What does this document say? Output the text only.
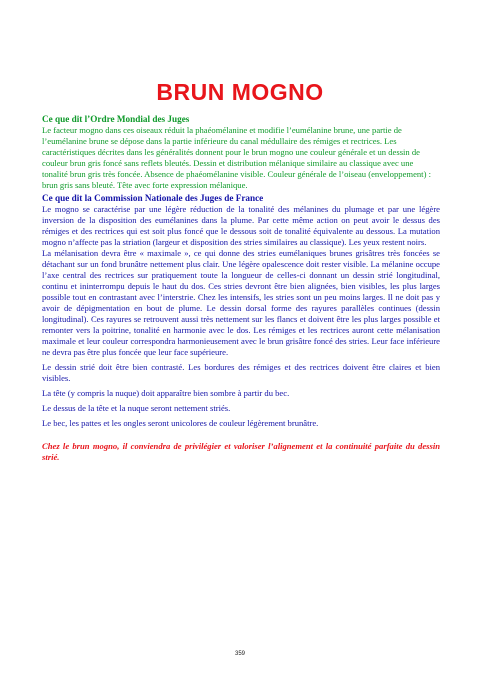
BRUN MOGNO
Ce que dit l’Ordre Mondial des Juges
Le facteur mogno dans ces oiseaux réduit la phaéomélanine et modifie l’eumélanine brune, une partie de l’eumélanine brune se dépose dans la partie inférieure du canal médullaire des rémiges et rectrices. Les caractéristiques décrites dans les généralités donnent pour le brun mogno une couleur générale et un dessin de couleur brun gris foncé sans reflets bleutés. Dessin et distribution mélanique similaire au classique avec une tonalité brun gris très foncée. Absence de phaéomélanine visible. Couleur générale de l’oiseau (enveloppement) : brun gris sans bleuté. Tête avec forte expression mélanique.
Ce que dit la Commission Nationale des Juges de France

Le mogno se caractérise par une légère réduction de la tonalité des mélanines du plumage et par une légère inversion de la disposition des eumélanines dans la plume. Par cette même action on peut avoir le dessus des rémiges et des rectrices qui est soit plus foncé que le dessous soit de tonalité équivalente au dessous. La mutation mogno n’affecte pas la striation (largeur et disposition des stries similaires au classique). Les yeux restent noirs.

La mélanisation devra être « maximale », ce qui donne des stries eumélaniques brunes grisâtres très foncées se détachant sur un fond brunâtre nettement plus clair. Une légère opalescence doit rester visible. La mélanine occupe l’axe central des rectrices sur pratiquement toute la longueur de celles-ci donnant un dessin strié longitudinal, continu et ininterrompu depuis le haut du dos. Ces stries devront être bien alignées, bien visibles, les plus larges possible tout en contrastant avec l’interstrie. Chez les intensifs, les stries sont un peu moins larges. Il ne doit pas y avoir de dépigmentation en bout de plume. Le dessin dorsal forme des rayures parallèles continues (dessin longitudinal). Ces rayures se retrouvent aussi très nettement sur les flancs et doivent être les plus larges possible et remonter vers la poitrine, tonalité en harmonie avec le dos. Les rémiges et les rectrices auront cette mélanisation maximale et leur couleur correspondra harmonieusement avec le brun grisâtre foncé des stries. Leur face inférieure ne devra pas être plus foncée que leur face supérieure.

Le dessin strié doit être bien contrasté. Les bordures des rémiges et des rectrices doivent être claires et bien visibles.

La tête (y compris la nuque) doit apparaître bien sombre à partir du bec.

Le dessus de la tête et la nuque seront nettement striés.

Le bec, les pattes et les ongles seront unicolores de couleur légèrement brunâtre.

Chez le brun mogno, il conviendra de privilégier et valoriser l’alignement et la continuité parfaite du dessin strié.

359
